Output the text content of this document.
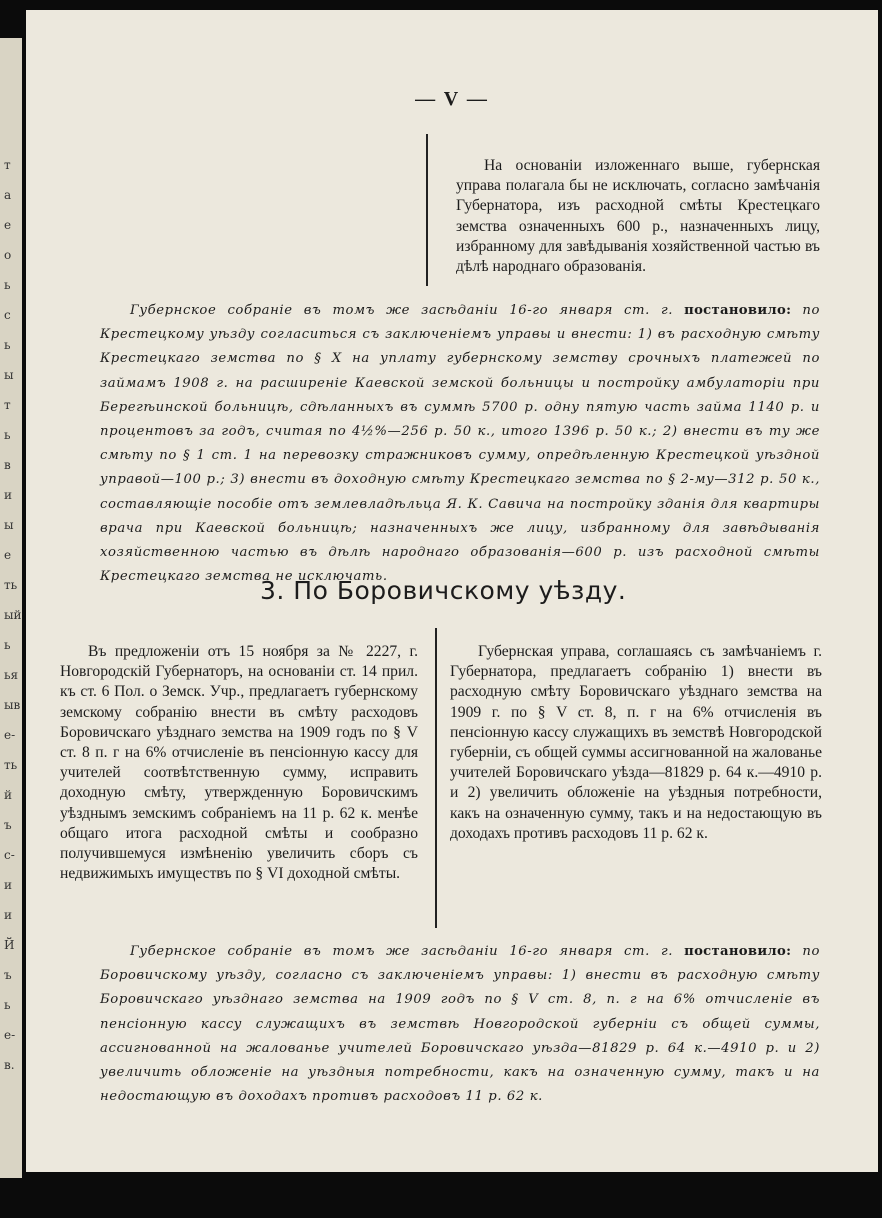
т
а
е
о
ь
с
ь
ы
т
ь
в
и
ы
е
ть
ый
ь
ья
ыв
е-
ть
й
ъ
с-
и
и
Й
ъ
ь
е-
в.
— V —
На основаніи изложеннаго выше, губернская управа полагала бы не исключать, согласно замѣчанія Губернатора, изъ расходной смѣты Крестецкаго земства означенныхъ 600 р., назначенныхъ лицу, избранному для завѣдыванія хозяйственной частью въ дѣлѣ народнаго образованія.
Губернское собраніе въ томъ же засѣданіи 16-го января ст. г. постановило: по Крестецкому уѣзду согласиться съ заключеніемъ управы и внести: 1) въ расходную смѣту Крестецкаго земства по § X на уплату губернскому земству срочныхъ платежей по займамъ 1908 г. на расширеніе Каевской земской больницы и постройку амбулаторіи при Берегѣинской больницѣ, сдѣланныхъ въ суммѣ 5700 р. одну пятую часть займа 1140 р. и процентовъ за годъ, считая по 4½%—256 р. 50 к., итого 1396 р. 50 к.; 2) внести въ ту же смѣту по § 1 ст. 1 на перевозку стражниковъ сумму, опредѣленную Крестецкой уѣздной управой—100 р.; 3) внести въ доходную смѣту Крестецкаго земства по § 2-му—312 р. 50 к., составляющіе пособіе отъ землевладѣльца Я. К. Савича на постройку зданія для квартиры врача при Каевской больницѣ; назначенныхъ же лицу, избранному для завѣдыванія хозяйственною частью въ дѣлѣ народнаго образованія—600 р. изъ расходной смѣты Крестецкаго земства не исключать.
3. По Боровичскому уѣзду.
Въ предложеніи отъ 15 ноября за № 2227, г. Новгородскій Губернаторъ, на основаніи ст. 14 прил. къ ст. 6 Пол. о Земск. Учр., предлагаетъ губернскому земскому собранію внести въ смѣту расходовъ Боровичскаго уѣзднаго земства на 1909 годъ по § V ст. 8 п. г на 6% отчисленіе въ пенсіонную кассу для учителей соотвѣтственную сумму, исправить доходную смѣту, утвержденную Боровичскимъ уѣзднымъ земскимъ собраніемъ на 11 р. 62 к. менѣе общаго итога расходной смѣты и сообразно получившемуся измѣненію увеличить сборъ съ недвижимыхъ имуществъ по § VI доходной смѣты.
Губернская управа, соглашаясь съ замѣчаніемъ г. Губернатора, предлагаетъ собранію 1) внести въ расходную смѣту Боровичскаго уѣзднаго земства на 1909 г. по § V ст. 8, п. г на 6% отчисленія въ пенсіонную кассу служащихъ въ земствѣ Новгородской губерніи, съ общей суммы ассигнованной на жалованье учителей Боровичскаго уѣзда—81829 р. 64 к.—4910 р. и 2) увеличить обложеніе на уѣздныя потребности, какъ на означенную сумму, такъ и на недостающую въ доходахъ противъ расходовъ 11 р. 62 к.
Губернское собраніе въ томъ же засѣданіи 16-го января ст. г. постановило: по Боровичскому уѣзду, согласно съ заключеніемъ управы: 1) внести въ расходную смѣту Боровичскаго уѣзднаго земства на 1909 годъ по § V ст. 8, п. г на 6% отчисленіе въ пенсіонную кассу служащихъ въ земствѣ Новгородской губерніи съ общей суммы, ассигнованной на жалованье учителей Боровичскаго уѣзда—81829 р. 64 к.—4910 р. и 2) увеличить обложеніе на уѣздныя потребности, какъ на означенную сумму, такъ и на недостающую въ доходахъ противъ расходовъ 11 р. 62 к.
